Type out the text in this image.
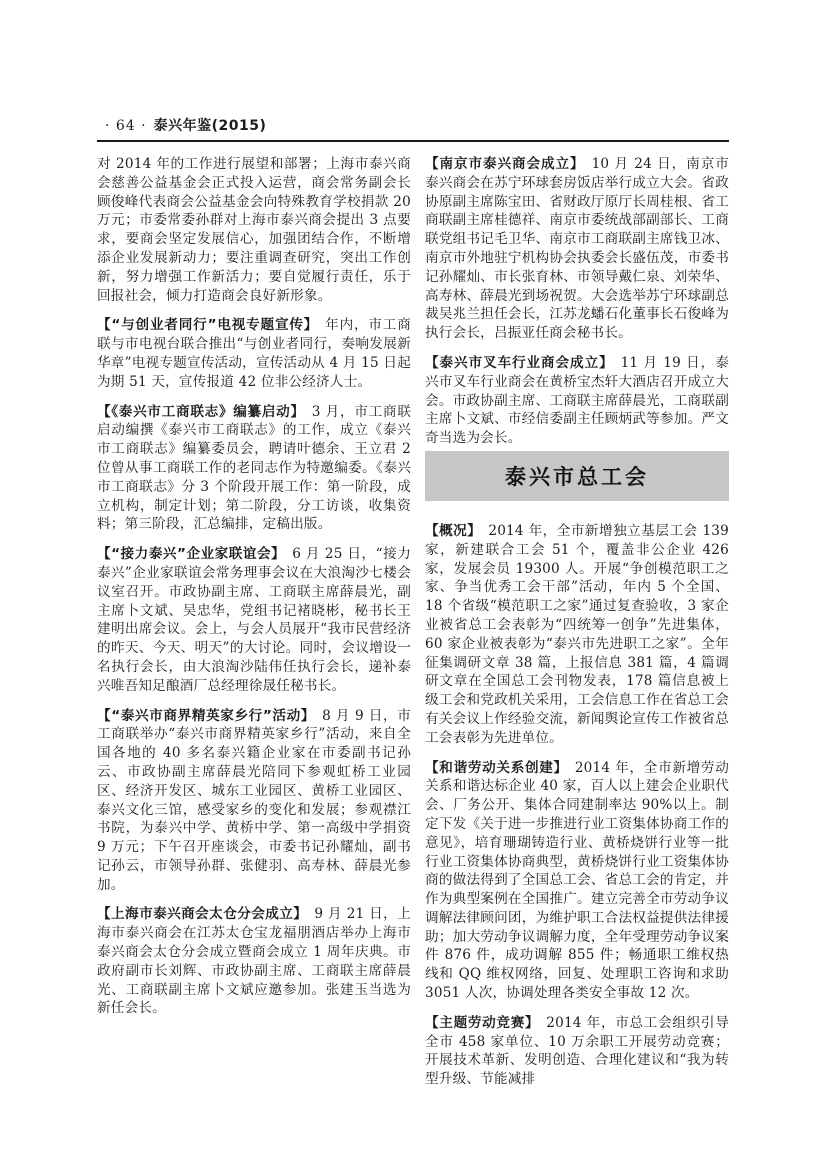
· 64 · 泰兴年鉴(2015)

对 2014 年的工作进行展望和部署；上海市泰兴商会慈善公益基金会正式投入运营，商会常务副会长顾俊峰代表商会公益基金会向特殊教育学校捐款 20 万元；市委常委孙群对上海市泰兴商会提出 3 点要求，要商会坚定发展信心，加强团结合作，不断增添企业发展新动力；要注重调查研究，突出工作创新，努力增强工作新活力；要自觉履行责任，乐于回报社会，倾力打造商会良好新形象。

【“与创业者同行”电视专题宣传】 年内，市工商联与市电视台联合推出“与创业者同行，奏响发展新华章”电视专题宣传活动，宣传活动从 4 月 15 日起为期 51 天，宣传报道 42 位非公经济人士。

【《泰兴市工商联志》编纂启动】 3 月，市工商联启动编撰《泰兴市工商联志》的工作，成立《泰兴市工商联志》编纂委员会，聘请叶德余、王立君 2 位曾从事工商联工作的老同志作为特邀编委。《泰兴市工商联志》分 3 个阶段开展工作：第一阶段，成立机构，制定计划；第二阶段，分工访谈，收集资料；第三阶段，汇总编排，定稿出版。

【“接力泰兴”企业家联谊会】 6 月 25 日，“接力泰兴”企业家联谊会常务理事会议在大浪淘沙七楼会议室召开。市政协副主席、工商联主席薛晨光，副主席卜文斌、吴忠华，党组书记褚晓彬，秘书长王建明出席会议。会上，与会人员展开“我市民营经济的昨天、今天、明天”的大讨论。同时，会议增设一名执行会长，由大浪淘沙陆伟任执行会长，递补泰兴唯吾知足酿酒厂总经理徐晟任秘书长。

【“泰兴市商界精英家乡行”活动】 8 月 9 日，市工商联举办“泰兴市商界精英家乡行”活动，来自全国各地的 40 多名泰兴籍企业家在市委副书记孙云、市政协副主席薛晨光陪同下参观虹桥工业园区、经济开发区、城东工业园区、黄桥工业园区、泰兴文化三馆，感受家乡的变化和发展；参观襟江书院，为泰兴中学、黄桥中学、第一高级中学捐资 9 万元；下午召开座谈会，市委书记孙耀灿，副书记孙云，市领导孙群、张健羽、高寿林、薛晨光参加。

【上海市泰兴商会太仓分会成立】 9 月 21 日，上海市泰兴商会在江苏太仓宝龙福朋酒店举办上海市泰兴商会太仓分会成立暨商会成立 1 周年庆典。市政府副市长刘辉、市政协副主席、工商联主席薛晨光、工商联副主席卜文斌应邀参加。张建玉当选为新任会长。

【南京市泰兴商会成立】 10 月 24 日，南京市泰兴商会在苏宁环球套房饭店举行成立大会。省政协原副主席陈宝田、省财政厅原厅长周桂根、省工商联副主席桂德祥、南京市委统战部副部长、工商联党组书记毛卫华、南京市工商联副主席钱卫冰、南京市外地驻宁机构协会执委会长盛伍茂，市委书记孙耀灿、市长张育林、市领导戴仁泉、刘荣华、高寿林、薛晨光到场祝贺。大会选举苏宁环球副总裁吴兆兰担任会长，江苏龙蟠石化董事长石俊峰为执行会长，吕振亚任商会秘书长。

【泰兴市叉车行业商会成立】 11 月 19 日，泰兴市叉车行业商会在黄桥宝杰轩大酒店召开成立大会。市政协副主席、工商联主席薛晨光，工商联副主席卜文斌、市经信委副主任顾炳武等参加。严文奇当选为会长。

泰兴市总工会

【概况】 2014 年，全市新增独立基层工会 139 家，新建联合工会 51 个，覆盖非公企业 426 家，发展会员 19300 人。开展“争创模范职工之家、争当优秀工会干部”活动，年内 5 个全国、18 个省级“模范职工之家”通过复查验收，3 家企业被省总工会表彰为“四统筹一创争”先进集体，60 家企业被表彰为“泰兴市先进职工之家”。全年征集调研文章 38 篇，上报信息 381 篇，4 篇调研文章在全国总工会刊物发表，178 篇信息被上级工会和党政机关采用，工会信息工作在省总工会有关会议上作经验交流，新闻舆论宣传工作被省总工会表彰为先进单位。

【和谐劳动关系创建】 2014 年，全市新增劳动关系和谐达标企业 40 家，百人以上建会企业职代会、厂务公开、集体合同建制率达 90%以上。制定下发《关于进一步推进行业工资集体协商工作的意见》，培育珊瑚铸造行业、黄桥烧饼行业等一批行业工资集体协商典型，黄桥烧饼行业工资集体协商的做法得到了全国总工会、省总工会的肯定，并作为典型案例在全国推广。建立完善全市劳动争议调解法律顾问团，为维护职工合法权益提供法律援助；加大劳动争议调解力度，全年受理劳动争议案件 876 件，成功调解 855 件；畅通职工维权热线和 QQ 维权网络，回复、处理职工咨询和求助 3051 人次，协调处理各类安全事故 12 次。

【主题劳动竞赛】 2014 年，市总工会组织引导全市 458 家单位、10 万余职工开展劳动竞赛；开展技术革新、发明创造、合理化建议和“我为转型升级、节能减排
